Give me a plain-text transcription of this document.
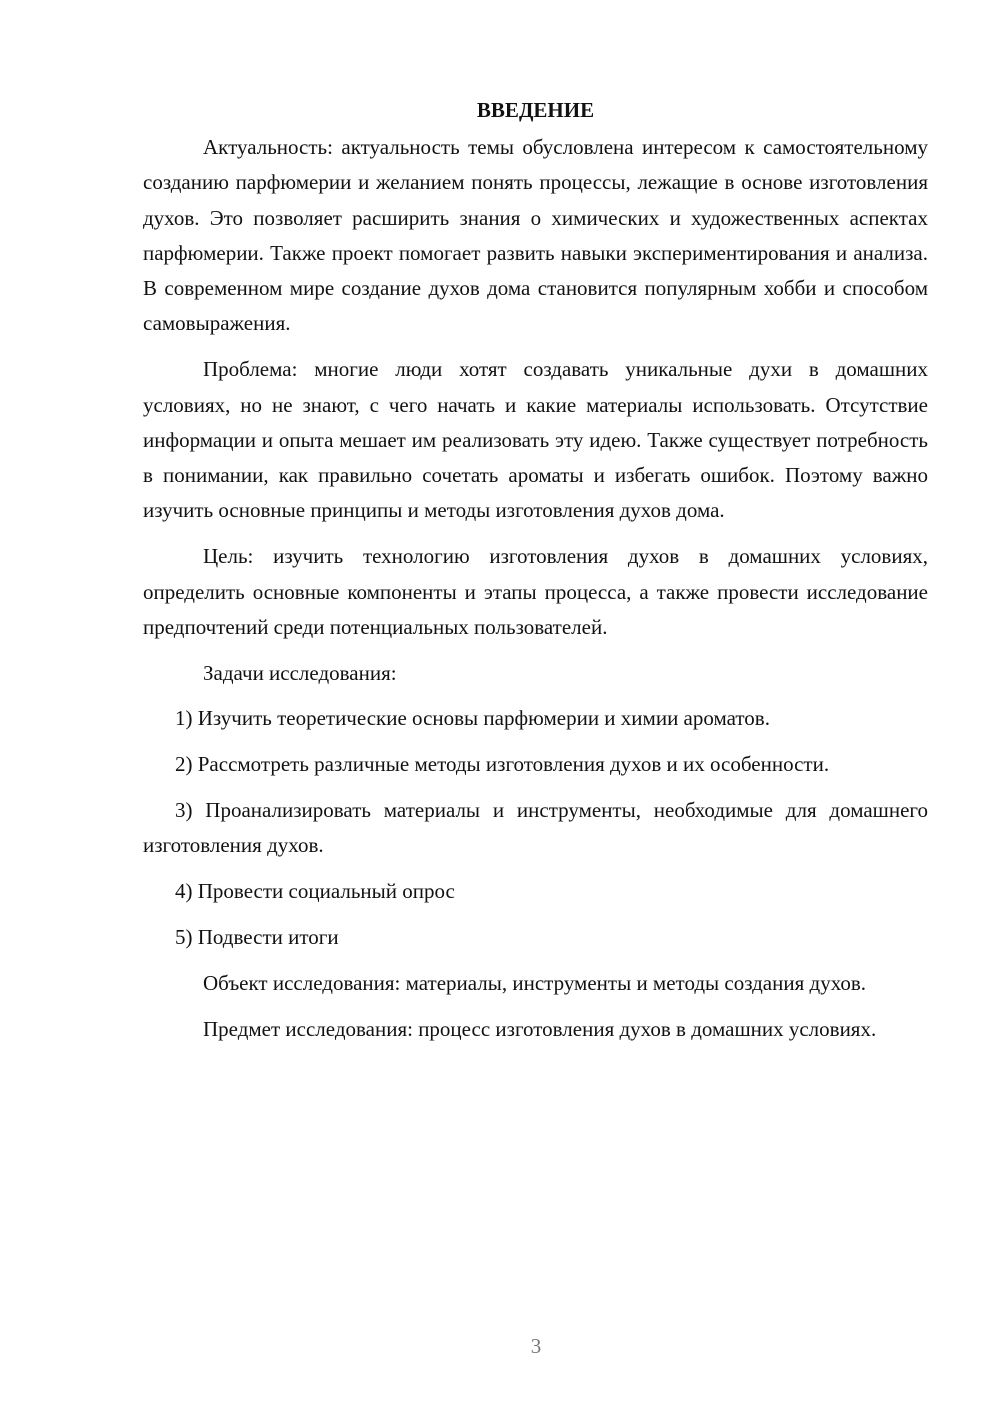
ВВЕДЕНИЕ

Актуальность: актуальность темы обусловлена интересом к самостоятельному созданию парфюмерии и желанием понять процессы, лежащие в основе изготовления духов. Это позволяет расширить знания о химических и художественных аспектах парфюмерии. Также проект помогает развить навыки экспериментирования и анализа. В современном мире создание духов дома становится популярным хобби и способом самовыражения.

Проблема: многие люди хотят создавать уникальные духи в домашних условиях, но не знают, с чего начать и какие материалы использовать. Отсутствие информации и опыта мешает им реализовать эту идею. Также существует потребность в понимании, как правильно сочетать ароматы и избегать ошибок. Поэтому важно изучить основные принципы и методы изготовления духов дома.

Цель: изучить технологию изготовления духов в домашних условиях, определить основные компоненты и этапы процесса, а также провести исследование предпочтений среди потенциальных пользователей.

Задачи исследования:

1) Изучить теоретические основы парфюмерии и химии ароматов.

2) Рассмотреть различные методы изготовления духов и их особенности.

3) Проанализировать материалы и инструменты, необходимые для домашнего изготовления духов.

4) Провести социальный опрос

5) Подвести итоги

Объект исследования: материалы, инструменты и методы создания духов.

Предмет исследования: процесс изготовления духов в домашних условиях.

3
